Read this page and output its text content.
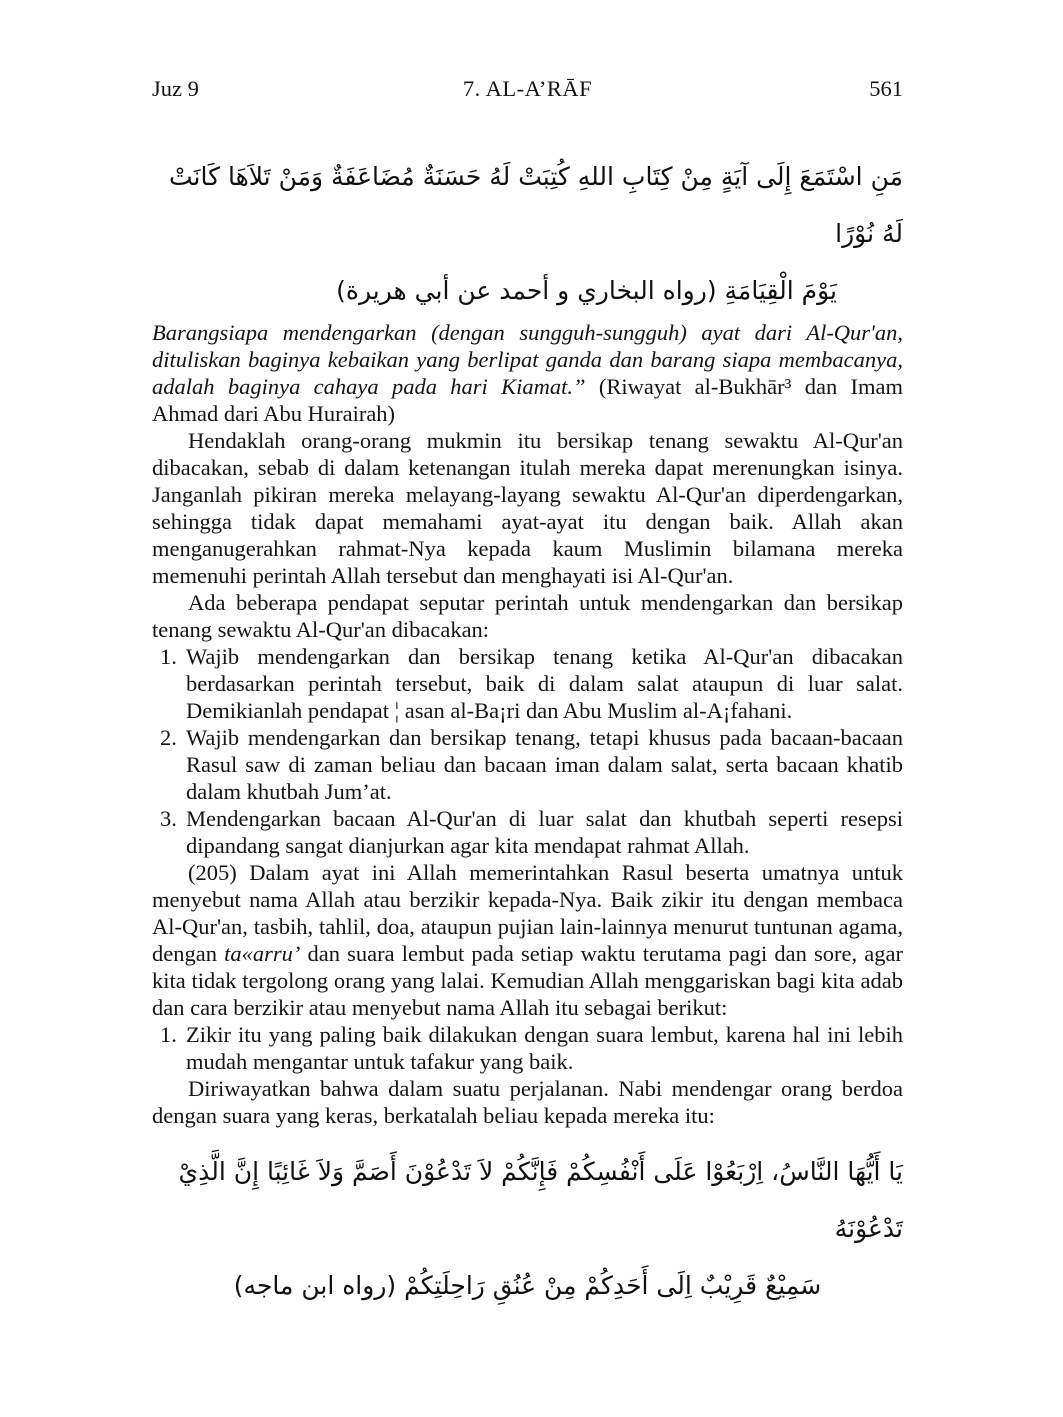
Juz 9	7. AL-A’RĀF	561
مَنِ اسْتَمَعَ إِلَى آيَةٍ مِنْ كِتَابِ اللهِ كُتِبَتْ لَهُ حَسَنَةٌ مُضَاعَفَةٌ وَمَنْ تَلاَهَا كَانَتْ لَهُ نُوْرًا
يَوْمَ الْقِيَامَةِ (رواه البخاري و أحمد عن أبي هريرة)

Barangsiapa mendengarkan (dengan sungguh-sungguh) ayat dari Al-Qur'an, dituliskan baginya kebaikan yang berlipat ganda dan barang siapa membacanya, adalah baginya cahaya pada hari Kiamat.” (Riwayat al-Bukhār³ dan Imam Ahmad dari Abu Hurairah)

Hendaklah orang-orang mukmin itu bersikap tenang sewaktu Al-Qur'an dibacakan, sebab di dalam ketenangan itulah mereka dapat merenungkan isinya. Janganlah pikiran mereka melayang-layang sewaktu Al-Qur'an diperdengarkan, sehingga tidak dapat memahami ayat-ayat itu dengan baik. Allah akan menganugerahkan rahmat-Nya kepada kaum Muslimin bilamana mereka memenuhi perintah Allah tersebut dan menghayati isi Al-Qur'an.

Ada beberapa pendapat seputar perintah untuk mendengarkan dan bersikap tenang sewaktu Al-Qur'an dibacakan:

1. Wajib mendengarkan dan bersikap tenang ketika Al-Qur'an dibacakan berdasarkan perintah tersebut, baik di dalam salat ataupun di luar salat. Demikianlah pendapat ¦ asan al-Ba¡ri dan Abu Muslim al-A¡fahani.
2. Wajib mendengarkan dan bersikap tenang, tetapi khusus pada bacaan-bacaan Rasul saw di zaman beliau dan bacaan iman dalam salat, serta bacaan khatib dalam khutbah Jum’at.
3. Mendengarkan bacaan Al-Qur'an di luar salat dan khutbah seperti resepsi dipandang sangat dianjurkan agar kita mendapat rahmat Allah.

(205) Dalam ayat ini Allah memerintahkan Rasul beserta umatnya untuk menyebut nama Allah atau berzikir kepada-Nya. Baik zikir itu dengan membaca Al-Qur'an, tasbih, tahlil, doa, ataupun pujian lain-lainnya menurut tuntunan agama, dengan ta«arru’ dan suara lembut pada setiap waktu terutama pagi dan sore, agar kita tidak tergolong orang yang lalai. Kemudian Allah menggariskan bagi kita adab dan cara berzikir atau menyebut nama Allah itu sebagai berikut:

1. Zikir itu yang paling baik dilakukan dengan suara lembut, karena hal ini lebih mudah mengantar untuk tafakur yang baik.

Diriwayatkan bahwa dalam suatu perjalanan. Nabi mendengar orang berdoa dengan suara yang keras, berkatalah beliau kepada mereka itu:

يَا أَيُّهَا النَّاسُ، اِرْبَعُوْا عَلَى أَنْفُسِكُمْ فَإِنَّكُمْ لاَ تَدْعُوْنَ أَصَمَّ وَلاَ غَائِبًا إِنَّ الَّذِيْ تَدْعُوْنَهُ
سَمِيْعٌ قَرِيْبٌ اِلَى أَحَدِكُمْ مِنْ عُنُقِ رَاحِلَتِكُمْ (رواه ابن ماجه)
